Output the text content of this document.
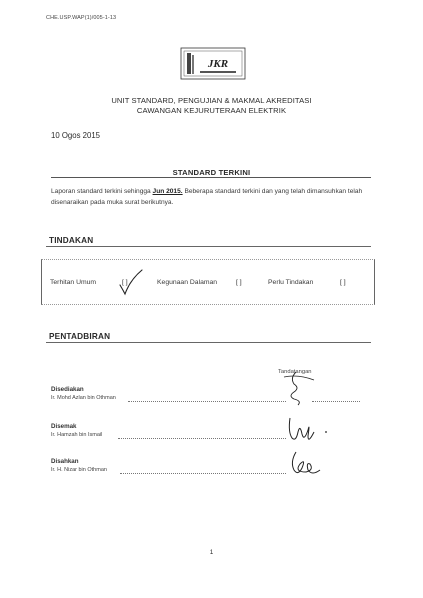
CHE.USP.WAP(1)/005-1-13
JKR
UNIT STANDARD, PENGUJIAN & MAKMAL AKREDITASI
CAWANGAN KEJURUTERAAN ELEKTRIK
10 Ogos 2015
STANDARD TERKINI
Laporan standard terkini sehingga Jun 2015. Beberapa standard terkini dan yang telah dimansuhkan telah disenaraikan pada muka surat berikutnya.
TINDAKAN
Terhitan Umum	[ ]	Kegunaan Dalaman	[ ]	Perlu Tindakan	[ ]
PENTADBIRAN
Tandatangan
Disediakan
Ir. Mohd Azlan bin Othman
Disemak
Ir. Hamzah bin Ismail
Disahkan
Ir. H. Nizar bin Othman
1
